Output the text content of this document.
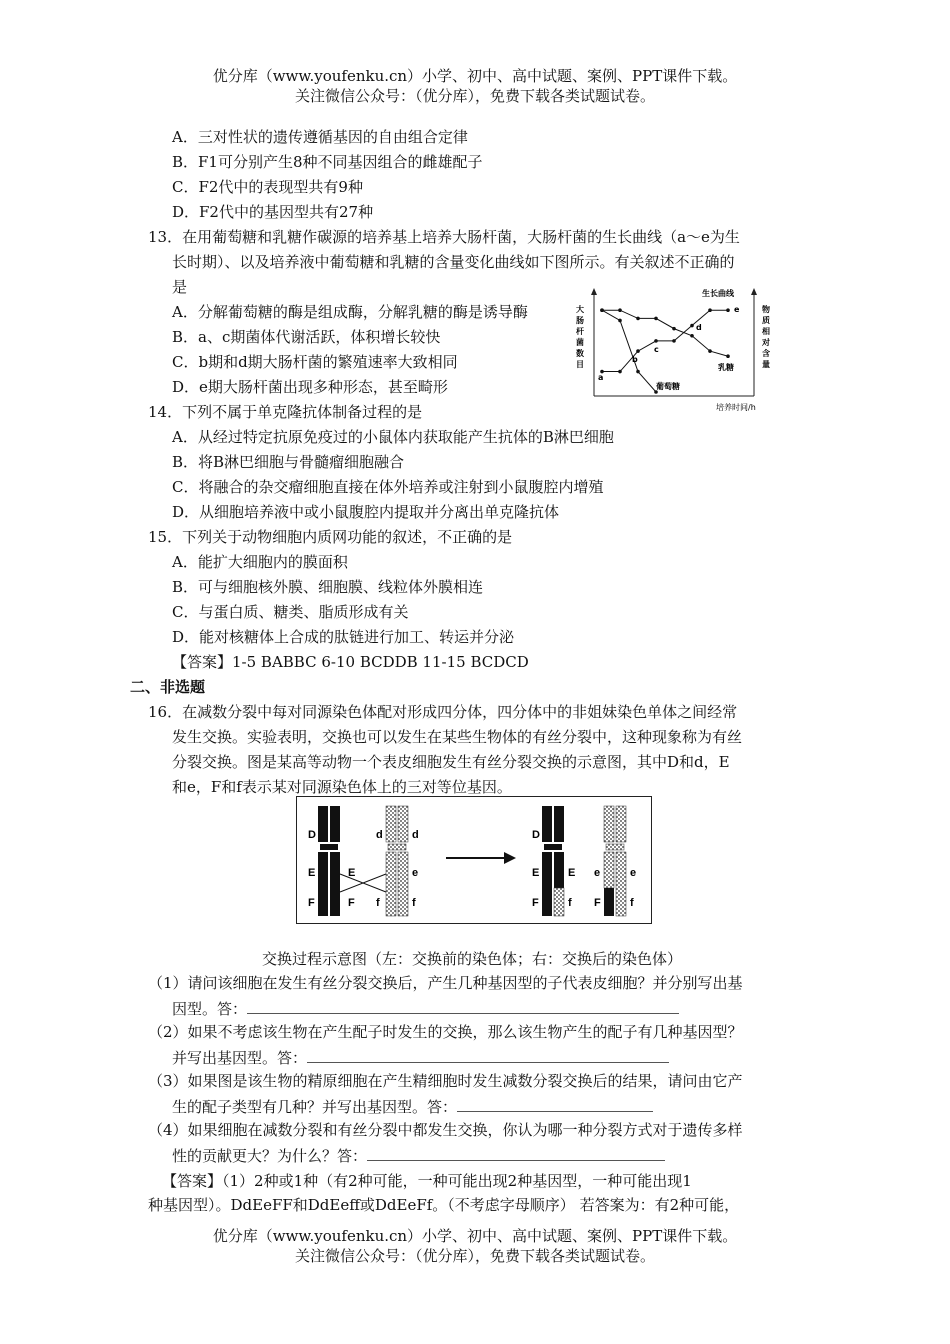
优分库（www.youfenku.cn）小学、初中、高中试题、案例、PPT课件下载。
关注微信公众号：（优分库），免费下载各类试题试卷。
A．三对性状的遗传遵循基因的自由组合定律
B．F1可分别产生8种不同基因组合的雌雄配子
C．F2代中的表现型共有9种
D．F2代中的基因型共有27种
13．在用葡萄糖和乳糖作碳源的培养基上培养大肠杆菌，大肠杆菌的生长曲线（a～e为生
长时期）、以及培养液中葡萄糖和乳糖的含量变化曲线如下图所示。有关叙述不正确的
是
A．分解葡萄糖的酶是组成酶，分解乳糖的酶是诱导酶
B．a、c期菌体代谢活跃，体积增长较快
C．b期和d期大肠杆菌的繁殖速率大致相同
D．e期大肠杆菌出现多种形态，甚至畸形
大
肠
杆
菌
数
目
物
质
相
对
含
量
培养时间/h
生长曲线
葡萄糖
乳糖
a
b
c
d
e
14．下列不属于单克隆抗体制备过程的是
A．从经过特定抗原免疫过的小鼠体内获取能产生抗体的B淋巴细胞
B．将B淋巴细胞与骨髓瘤细胞融合
C．将融合的杂交瘤细胞直接在体外培养或注射到小鼠腹腔内增殖
D．从细胞培养液中或小鼠腹腔内提取并分离出单克隆抗体
15．下列关于动物细胞内质网功能的叙述，不正确的是
A．能扩大细胞内的膜面积
B．可与细胞核外膜、细胞膜、线粒体外膜相连
C．与蛋白质、糖类、脂质形成有关
D．能对核糖体上合成的肽链进行加工、转运并分泌
【答案】1-5 BABBC 6-10 BCDDB 11-15 BCDCD
二、非选题
16．在减数分裂中每对同源染色体配对形成四分体，四分体中的非姐妹染色单体之间经常
发生交换。实验表明，交换也可以发生在某些生物体的有丝分裂中，这种现象称为有丝
分裂交换。图是某高等动物一个表皮细胞发生有丝分裂交换的示意图，其中D和d，E
和e，F和f表示某对同源染色体上的三对等位基因。
D
E
F
E
F
d	d
e
f	f
D
E
F
E
f
e
F
e
f
交换过程示意图（左：交换前的染色体；右：交换后的染色体）
（1）请问该细胞在发生有丝分裂交换后，产生几种基因型的子代表皮细胞？并分别写出基
因型。答：
（2）如果不考虑该生物在产生配子时发生的交换，那么该生物产生的配子有几种基因型？
并写出基因型。答：
（3）如果图是该生物的精原细胞在产生精细胞时发生减数分裂交换后的结果，请问由它产
生的配子类型有几种？并写出基因型。答：
（4）如果细胞在减数分裂和有丝分裂中都发生交换，你认为哪一种分裂方式对于遗传多样
性的贡献更大？为什么？答：
【答案】（1）2种或1种（有2种可能，一种可能出现2种基因型，一种可能出现1
种基因型）。DdEeFF和DdEeff或DdEeFf。（不考虑字母顺序） 若答案为：有2种可能，
优分库（www.youfenku.cn）小学、初中、高中试题、案例、PPT课件下载。
关注微信公众号：（优分库），免费下载各类试题试卷。
